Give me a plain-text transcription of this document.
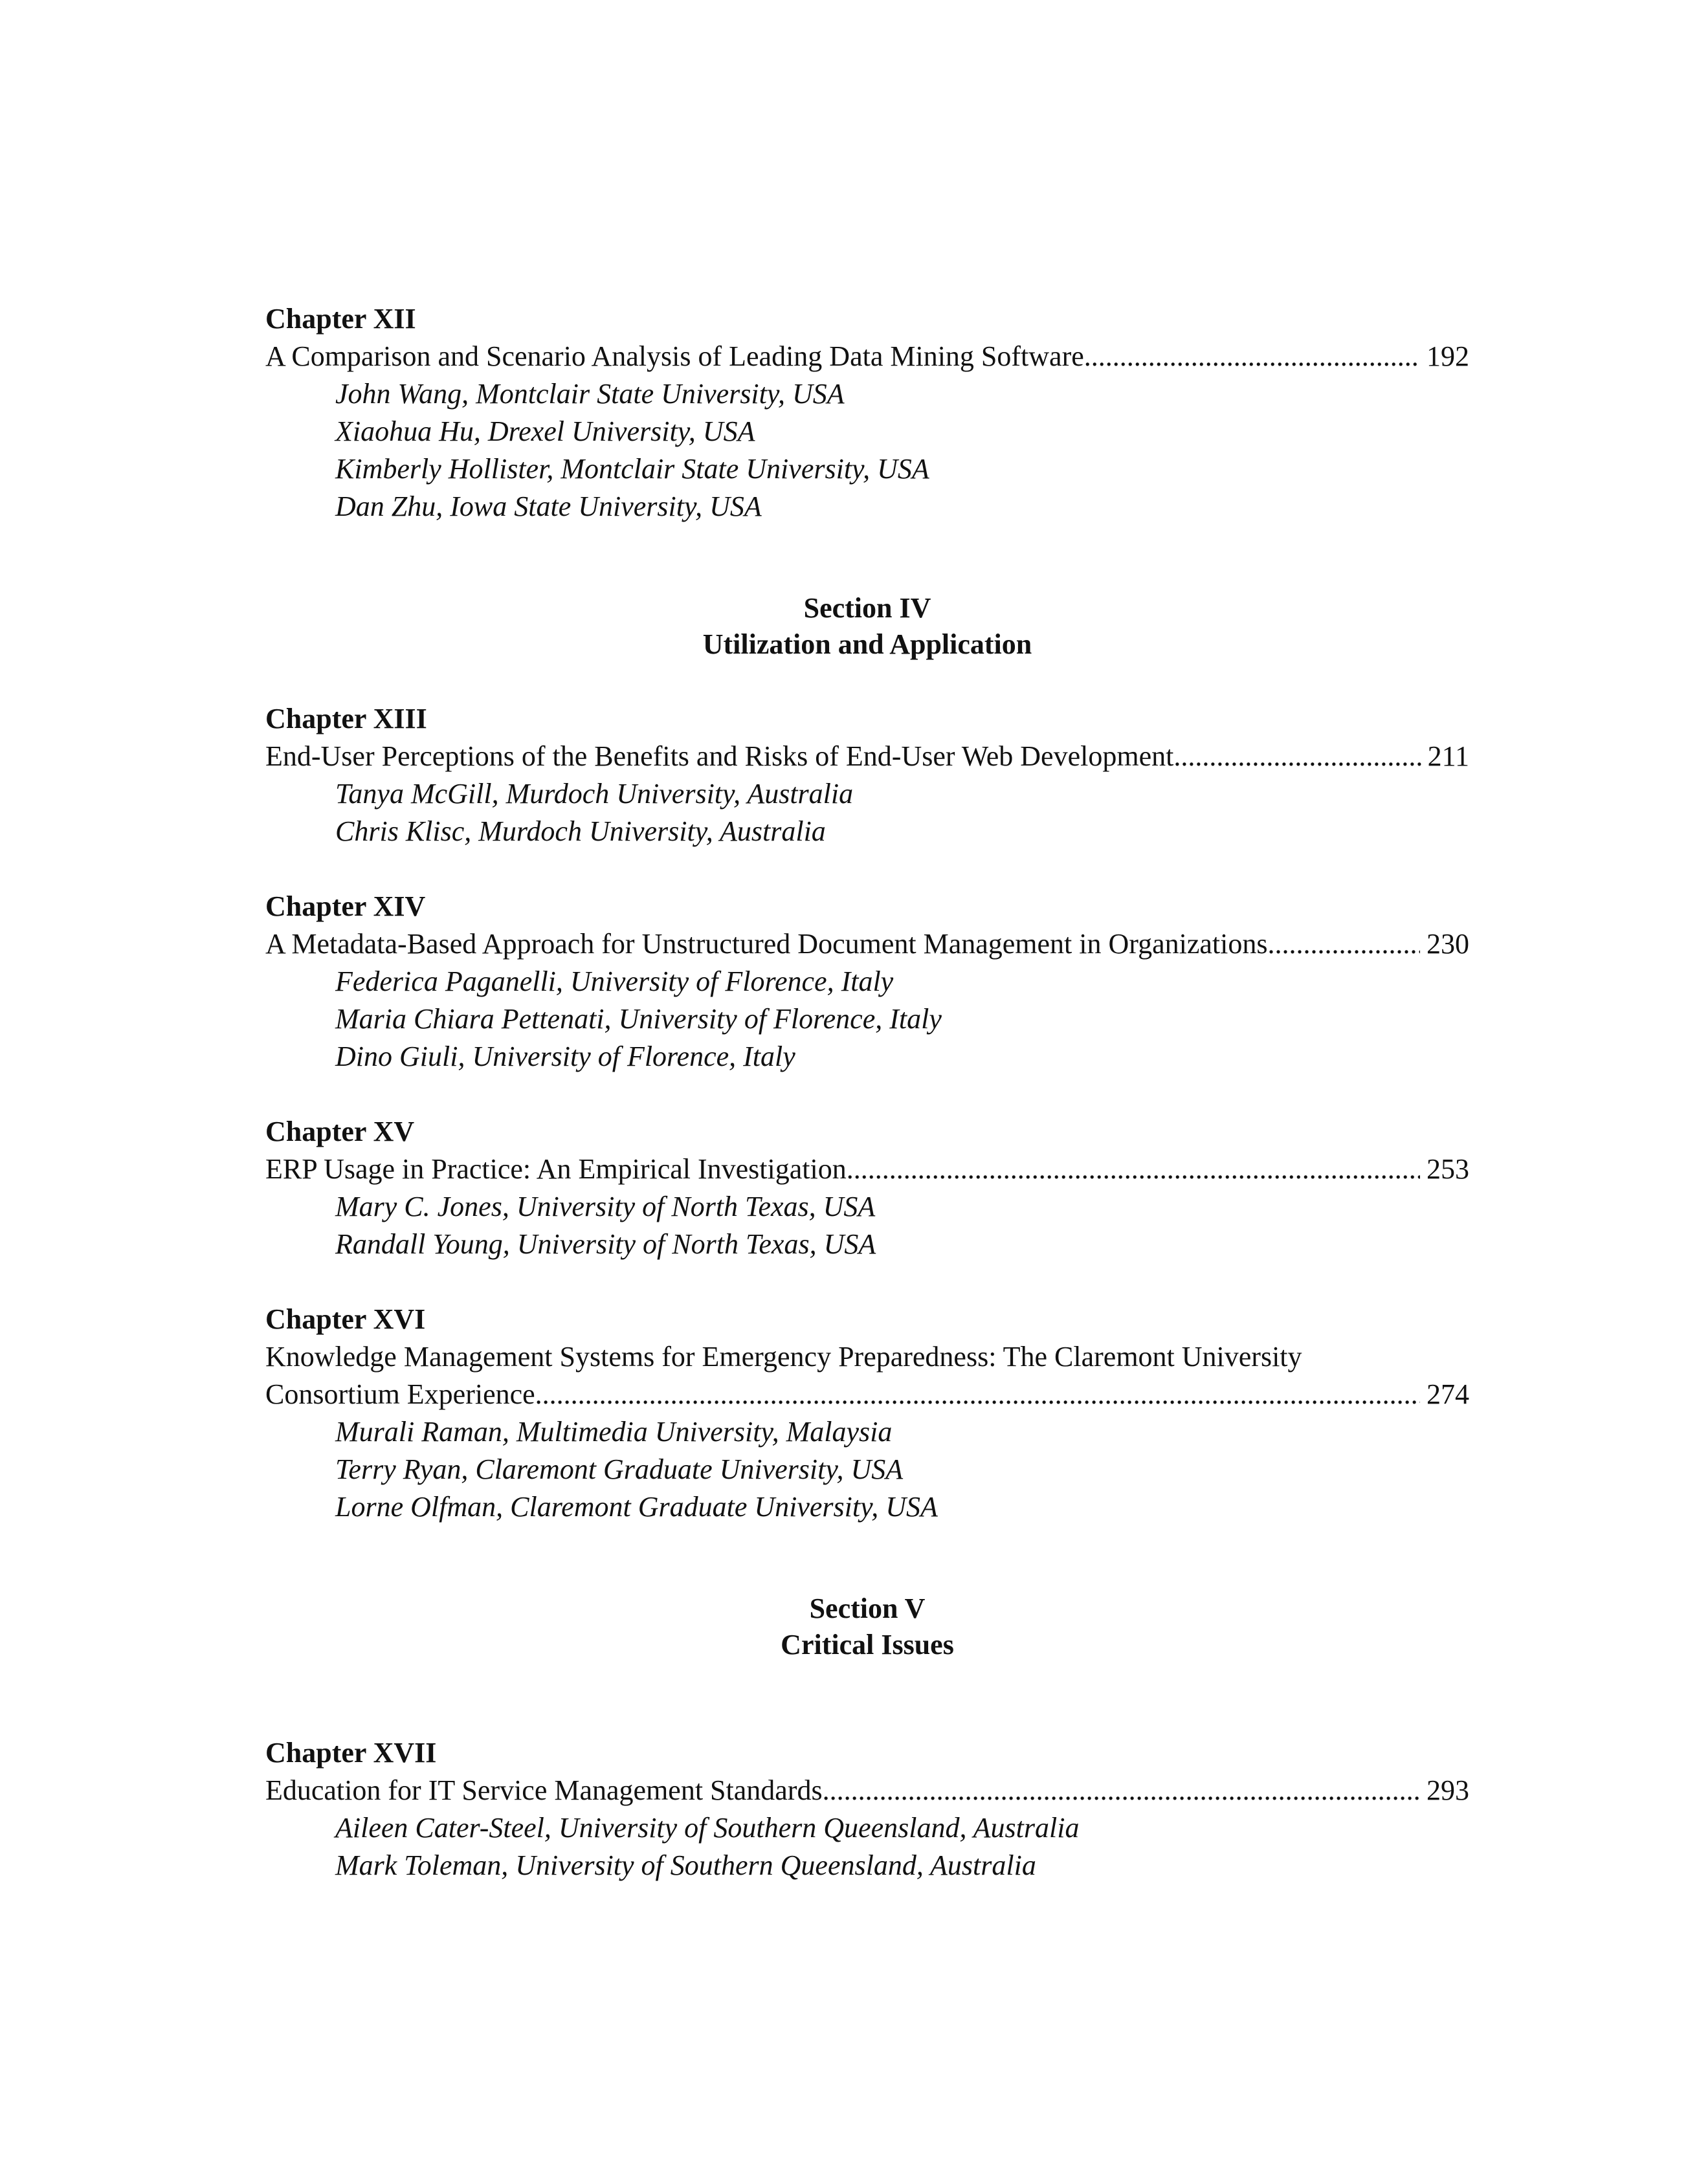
Chapter XII
A Comparison and Scenario Analysis of Leading Data Mining Software .....	192
John Wang, Montclair State University, USA
Xiaohua Hu, Drexel University, USA
Kimberly Hollister, Montclair State University, USA
Dan Zhu, Iowa State University, USA
Section IV
Utilization and Application
Chapter XIII
End-User Perceptions of the Benefits and Risks of End-User Web Development .....	211
Tanya McGill, Murdoch University, Australia
Chris Klisc, Murdoch University, Australia
Chapter XIV
A Metadata-Based Approach for Unstructured Document Management in Organizations .....	230
Federica Paganelli, University of Florence, Italy
Maria Chiara Pettenati, University of Florence, Italy
Dino Giuli, University of Florence, Italy
Chapter XV
ERP Usage in Practice: An Empirical Investigation .....	253
Mary C. Jones, University of North Texas, USA
Randall Young, University of North Texas, USA
Chapter XVI
Knowledge Management Systems for Emergency Preparedness: The Claremont University
Consortium Experience .....	274
Murali Raman, Multimedia University, Malaysia
Terry Ryan, Claremont Graduate University, USA
Lorne Olfman, Claremont Graduate University, USA
Section V
Critical Issues
Chapter XVII
Education for IT Service Management Standards .....	293
Aileen Cater-Steel, University of Southern Queensland, Australia
Mark Toleman, University of Southern Queensland, Australia
